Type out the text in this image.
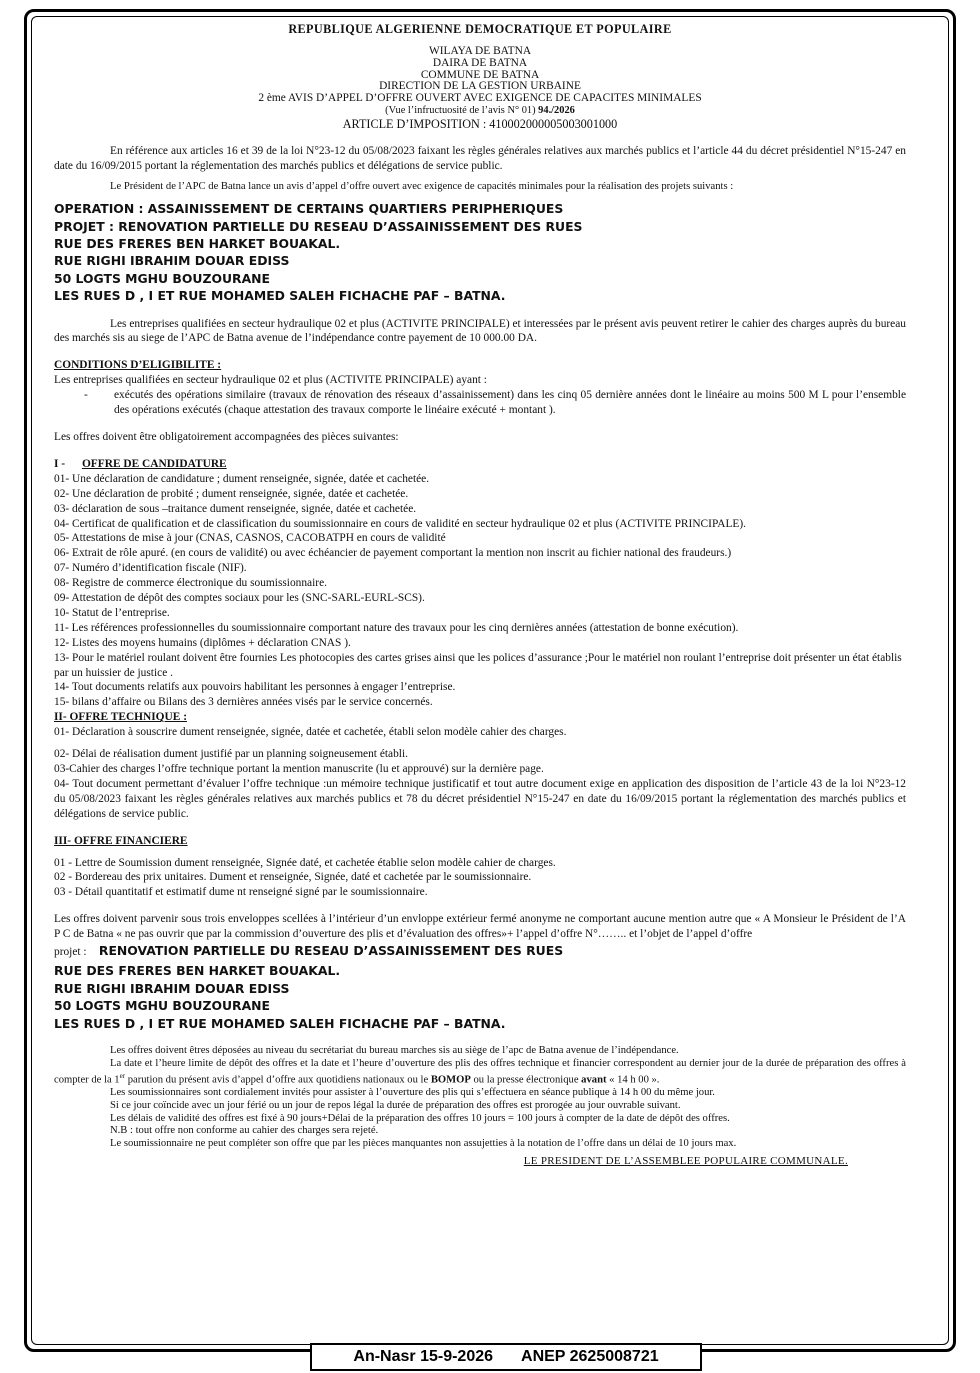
REPUBLIQUE ALGERIENNE DEMOCRATIQUE ET POPULAIRE

WILAYA DE BATNA

DAIRA DE BATNA

COMMUNE DE BATNA

DIRECTION DE LA GESTION URBAINE

2 ème AVIS D’APPEL D’OFFRE OUVERT AVEC EXIGENCE DE CAPACITES MINIMALES

(Vue l’infructuosité de l’avis N° 01) 94./2026

ARTICLE D’IMPOSITION : 410002000005003001000

En référence aux articles 16 et 39 de la loi N°23-12 du 05/08/2023 faixant les règles générales relatives aux marchés publics et l’article 44 du décret présidentiel N°15-247 en date du 16/09/2015 portant la réglementation des marchés publics et délégations de service public.

Le Président de l’APC de Batna lance un avis d’appel d’offre ouvert avec exigence de capacités minimales pour la réalisation des projets suivants :

OPERATION : ASSAINISSEMENT DE CERTAINS QUARTIERS PERIPHERIQUES

PROJET : RENOVATION PARTIELLE DU RESEAU D’ASSAINISSEMENT DES RUES

RUE DES FRERES BEN HARKET BOUAKAL.

RUE RIGHI IBRAHIM DOUAR EDISS

50 LOGTS MGHU BOUZOURANE

LES RUES D , I ET RUE MOHAMED SALEH FICHACHE PAF – BATNA.

Les entreprises qualifiées en secteur hydraulique 02 et plus (ACTIVITE PRINCIPALE) et interessées par le présent avis peuvent retirer le cahier des charges auprès du bureau des marchés sis au siege de l’APC de Batna avenue de l’indépendance contre payement de 10 000.00 DA.

CONDITIONS D’ELIGIBILITE :

Les entreprises qualifiées en secteur hydraulique 02 et plus (ACTIVITE PRINCIPALE) ayant :

-	exécutés des opérations similaire (travaux de rénovation des réseaux d’assainissement) dans les cinq 05 dernière années dont le linéaire au moins 500 M L pour l’ensemble des opérations exécutés (chaque attestation des travaux comporte le linéaire exécuté + montant ).

Les offres doivent être obligatoirement accompagnées des pièces suivantes:

I - OFFRE DE CANDIDATURE

01- Une déclaration de candidature ; dument renseignée, signée, datée et cachetée.

02- Une déclaration de probité ; dument renseignée, signée, datée et cachetée.

03- déclaration de sous –traitance dument renseignée, signée, datée et cachetée.

04- Certificat de qualification et de classification du soumissionnaire en cours de validité en secteur hydraulique 02 et plus (ACTIVITE PRINCIPALE).

05- Attestations de mise à jour (CNAS, CASNOS, CACOBATPH en cours de validité

06- Extrait de rôle apuré. (en cours de validité) ou avec échéancier de payement comportant la mention non inscrit au fichier national des fraudeurs.)

07- Numéro d’identification fiscale (NIF).

08- Registre de commerce électronique du soumissionnaire.

09- Attestation de dépôt des comptes sociaux pour les (SNC-SARL-EURL-SCS).

10- Statut de l’entreprise.

11- Les références professionnelles du soumissionnaire comportant nature des travaux pour les cinq dernières années (attestation de bonne exécution).

12- Listes des moyens humains (diplômes + déclaration CNAS ).

13- Pour le matériel roulant doivent être fournies Les photocopies des cartes grises ainsi que les polices d’assurance ;Pour le matériel non roulant l’entreprise doit présenter un état établis par un huissier de justice .

14- Tout documents relatifs aux pouvoirs habilitant les personnes à engager l’entreprise.

15- bilans d’affaire ou Bilans des 3 dernières années visés par le service concernés.

II- OFFRE TECHNIQUE :

01- Déclaration à souscrire dument renseignée, signée, datée et cachetée, établi selon modèle cahier des charges.

02- Délai de réalisation dument justifié par un planning soigneusement établi.

03-Cahier des charges l’offre technique portant la mention manuscrite (lu et approuvé) sur la dernière page.

04- Tout document permettant d’évaluer l’offre technique :un mémoire technique justificatif et tout autre document exige en application des disposition de l’article 43 de la loi N°23-12 du 05/08/2023 faixant les règles générales relatives aux marchés publics et 78 du décret présidentiel N°15-247 en date du 16/09/2015 portant la réglementation des marchés publics et délégations de service public.

III- OFFRE FINANCIERE

01 - Lettre de Soumission dument renseignée, Signée daté, et cachetée établie selon modèle cahier de charges.

02 - Bordereau des prix unitaires. Dument et renseignée, Signée, daté et cachetée par le soumissionnaire.

03 - Détail quantitatif et estimatif dume nt renseigné signé par le soumissionnaire.

Les offres doivent parvenir sous trois enveloppes scellées à l’intérieur d’un envloppe extérieur fermé anonyme ne comportant aucune mention autre que « A Monsieur le Président de l’A P C de Batna « ne pas ouvrir que par la commission d’ouverture des plis et d’évaluation des offres»+ l’appel d’offre N°…….. et l’objet de l’appel d’offre

projet : RENOVATION PARTIELLE DU RESEAU D’ASSAINISSEMENT DES RUES

RUE DES FRERES BEN HARKET BOUAKAL.

RUE RIGHI IBRAHIM DOUAR EDISS

50 LOGTS MGHU BOUZOURANE

LES RUES D , I ET RUE MOHAMED SALEH FICHACHE PAF – BATNA.

Les offres doivent êtres déposées au niveau du secrétariat du bureau marches sis au siège de l’apc de Batna avenue de l’indépendance.

La date et l’heure limite de dépôt des offres et la date et l’heure d’ouverture des plis des offres technique et financier correspondent au dernier jour de la durée de préparation des offres à compter de la 1er parution du présent avis d’appel d’offre aux quotidiens nationaux ou le BOMOP ou la presse électronique avant « 14 h 00 ».

Les soumissionnaires sont cordialement invités pour assister à l’ouverture des plis qui s’effectuera en séance publique à 14 h 00 du même jour.

Si ce jour coïncide avec un jour férié ou un jour de repos légal la durée de préparation des offres est prorogée au jour ouvrable suivant.

Les délais de validité des offres est fixé à 90 jours+Délai de la préparation des offres 10 jours = 100 jours à compter de la date de dépôt des offres.

N.B : tout offre non conforme au cahier des charges sera rejeté.

Le soumissionnaire ne peut compléter son offre que par les pièces manquantes non assujetties à la notation de l’offre dans un délai de 10 jours max.

LE PRESIDENT DE L’ASSEMBLEE POPULAIRE COMMUNALE.

An-Nasr 15-9-2026 ANEP 2625008721
